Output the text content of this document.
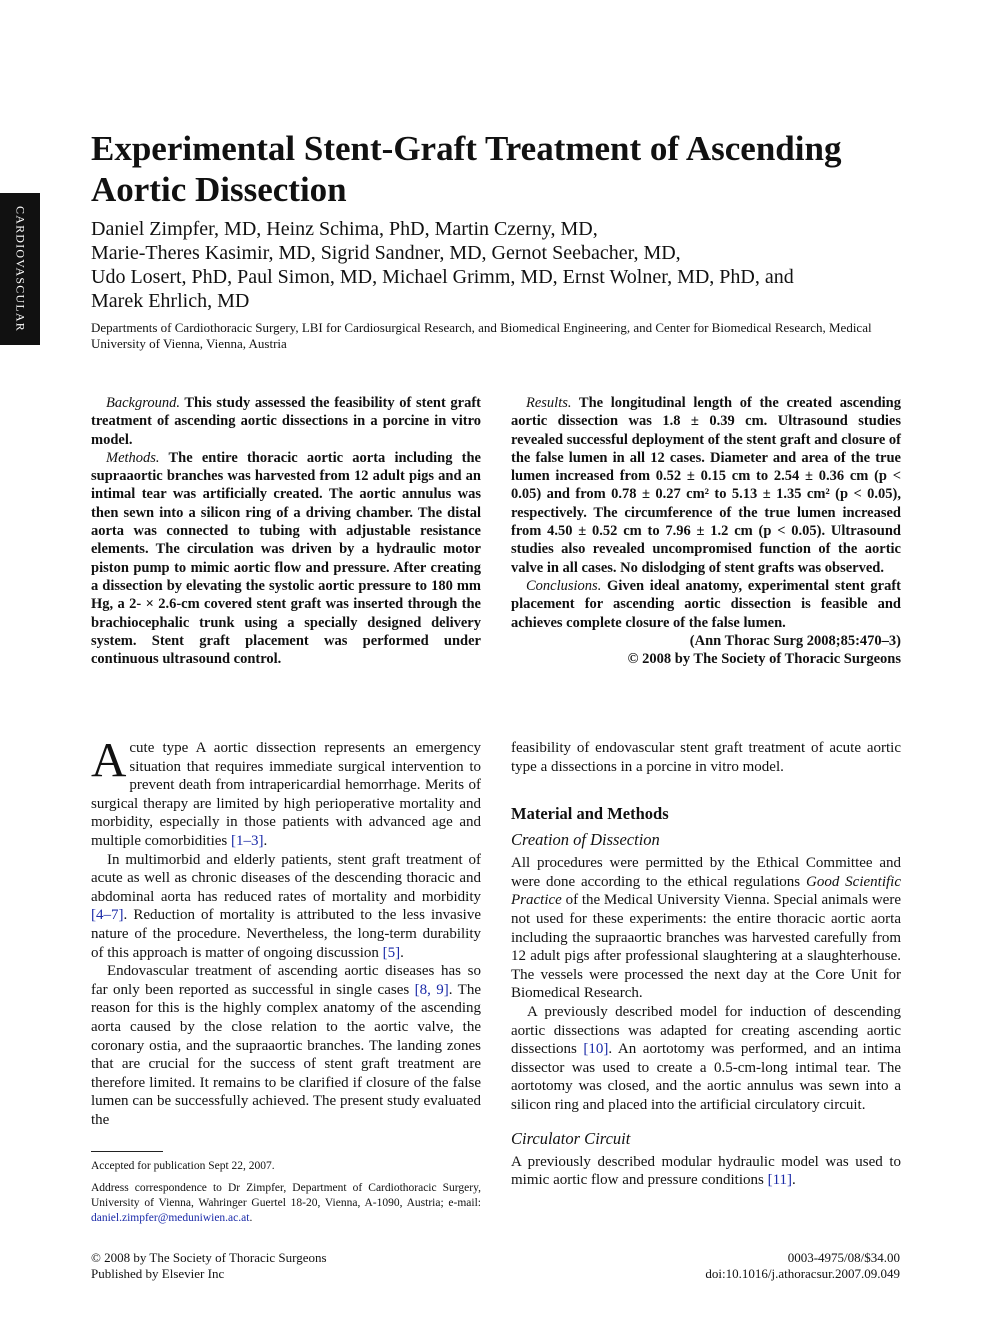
CARDIOVASCULAR
Experimental Stent-Graft Treatment of Ascending Aortic Dissection
Daniel Zimpfer, MD, Heinz Schima, PhD, Martin Czerny, MD,
Marie-Theres Kasimir, MD, Sigrid Sandner, MD, Gernot Seebacher, MD,
Udo Losert, PhD, Paul Simon, MD, Michael Grimm, MD, Ernst Wolner, MD, PhD, and
Marek Ehrlich, MD
Departments of Cardiothoracic Surgery, LBI for Cardiosurgical Research, and Biomedical Engineering, and Center for Biomedical Research, Medical University of Vienna, Vienna, Austria

Background. This study assessed the feasibility of stent graft treatment of ascending aortic dissections in a porcine in vitro model.

Methods. The entire thoracic aortic aorta including the supraaortic branches was harvested from 12 adult pigs and an intimal tear was artificially created. The aortic annulus was then sewn into a silicon ring of a driving chamber. The distal aorta was connected to tubing with adjustable resistance elements. The circulation was driven by a hydraulic motor piston pump to mimic aortic flow and pressure. After creating a dissection by elevating the systolic aortic pressure to 180 mm Hg, a 2- × 2.6-cm covered stent graft was inserted through the brachiocephalic trunk using a specially designed delivery system. Stent graft placement was performed under continuous ultrasound control.

Results. The longitudinal length of the created ascending aortic dissection was 1.8 ± 0.39 cm. Ultrasound studies revealed successful deployment of the stent graft and closure of the false lumen in all 12 cases. Diameter and area of the true lumen increased from 0.52 ± 0.15 cm to 2.54 ± 0.36 cm (p < 0.05) and from 0.78 ± 0.27 cm² to 5.13 ± 1.35 cm² (p < 0.05), respectively. The circumference of the true lumen increased from 4.50 ± 0.52 cm to 7.96 ± 1.2 cm (p < 0.05). Ultrasound studies also revealed uncompromised function of the aortic valve in all cases. No dislodging of stent grafts was observed.

Conclusions. Given ideal anatomy, experimental stent graft placement for ascending aortic dissection is feasible and achieves complete closure of the false lumen.

(Ann Thorac Surg 2008;85:470–3)

© 2008 by The Society of Thoracic Surgeons

Acute type A aortic dissection represents an emergency situation that requires immediate surgical intervention to prevent death from intrapericardial hemorrhage. Merits of surgical therapy are limited by high perioperative mortality and morbidity, especially in those patients with advanced age and multiple comorbidities [1–3].

In multimorbid and elderly patients, stent graft treatment of acute as well as chronic diseases of the descending thoracic and abdominal aorta has reduced rates of mortality and morbidity [4–7]. Reduction of mortality is attributed to the less invasive nature of the procedure. Nevertheless, the long-term durability of this approach is matter of ongoing discussion [5].

Endovascular treatment of ascending aortic diseases has so far only been reported as successful in single cases [8, 9]. The reason for this is the highly complex anatomy of the ascending aorta caused by the close relation to the aortic valve, the coronary ostia, and the supraaortic branches. The landing zones that are crucial for the success of stent graft treatment are therefore limited. It remains to be clarified if closure of the false lumen can be successfully achieved. The present study evaluated the

feasibility of endovascular stent graft treatment of acute aortic type a dissections in a porcine in vitro model.

Material and Methods
Creation of Dissection

All procedures were permitted by the Ethical Committee and were done according to the ethical regulations Good Scientific Practice of the Medical University Vienna. Special animals were not used for these experiments: the entire thoracic aortic aorta including the supraaortic branches was harvested carefully from 12 adult pigs after professional slaughtering at a slaughterhouse. The vessels were processed the next day at the Core Unit for Biomedical Research.

A previously described model for induction of descending aortic dissections was adapted for creating ascending aortic dissections [10]. An aortotomy was performed, and an intima dissector was used to create a 0.5-cm-long intimal tear. The aortotomy was closed, and the aortic annulus was sewn into a silicon ring and placed into the artificial circulatory circuit.

Circulator Circuit

A previously described modular hydraulic model was used to mimic aortic flow and pressure conditions [11].

Accepted for publication Sept 22, 2007.

Address correspondence to Dr Zimpfer, Department of Cardiothoracic Surgery, University of Vienna, Wahringer Guertel 18-20, Vienna, A-1090, Austria; e-mail: daniel.zimpfer@meduniwien.ac.at.

© 2008 by The Society of Thoracic Surgeons
Published by Elsevier Inc
0003-4975/08/$34.00
doi:10.1016/j.athoracsur.2007.09.049
